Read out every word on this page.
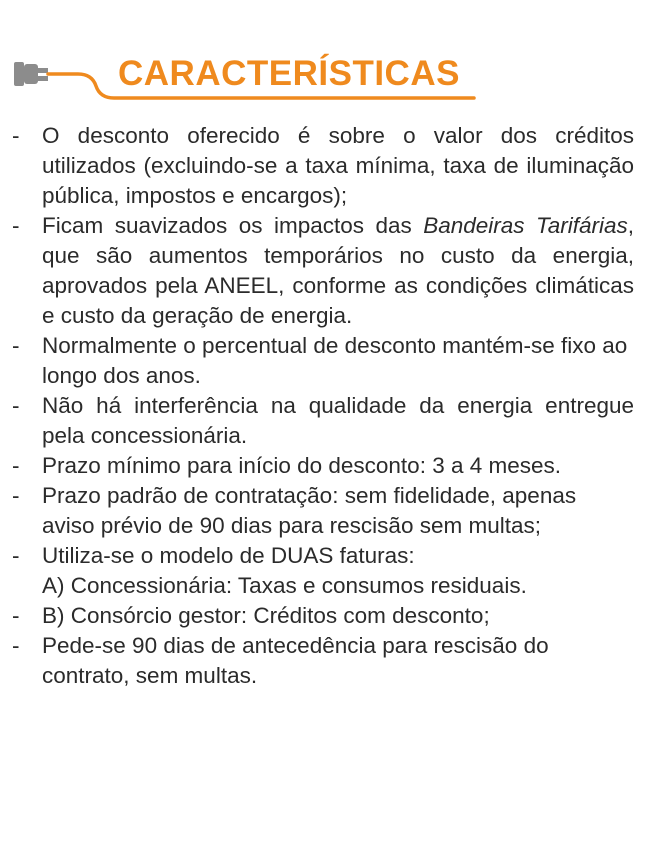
CARACTERÍSTICAS
-	O desconto oferecido é sobre o valor dos créditos utilizados (excluindo-se a taxa mínima, taxa de iluminação pública, impostos e encargos);

-	Ficam suavizados os impactos das Bandeiras Tarifárias, que são aumentos temporários no custo da energia, aprovados pela ANEEL, conforme as condições climáticas e custo da geração de energia.

-	Normalmente o percentual de desconto mantém-se fixo ao longo dos anos.

-	Não há interferência na qualidade da energia entregue pela concessionária.

-	Prazo mínimo para início do desconto: 3 a 4 meses.

-	Prazo padrão de contratação: sem fidelidade, apenas aviso prévio de 90 dias para rescisão sem multas;

-	Utiliza-se o modelo de DUAS faturas:

A) Concessionária: Taxas e consumos residuais.
-	B) Consórcio gestor: Créditos com desconto;

-	Pede-se 90 dias de antecedência para rescisão do contrato, sem multas.
